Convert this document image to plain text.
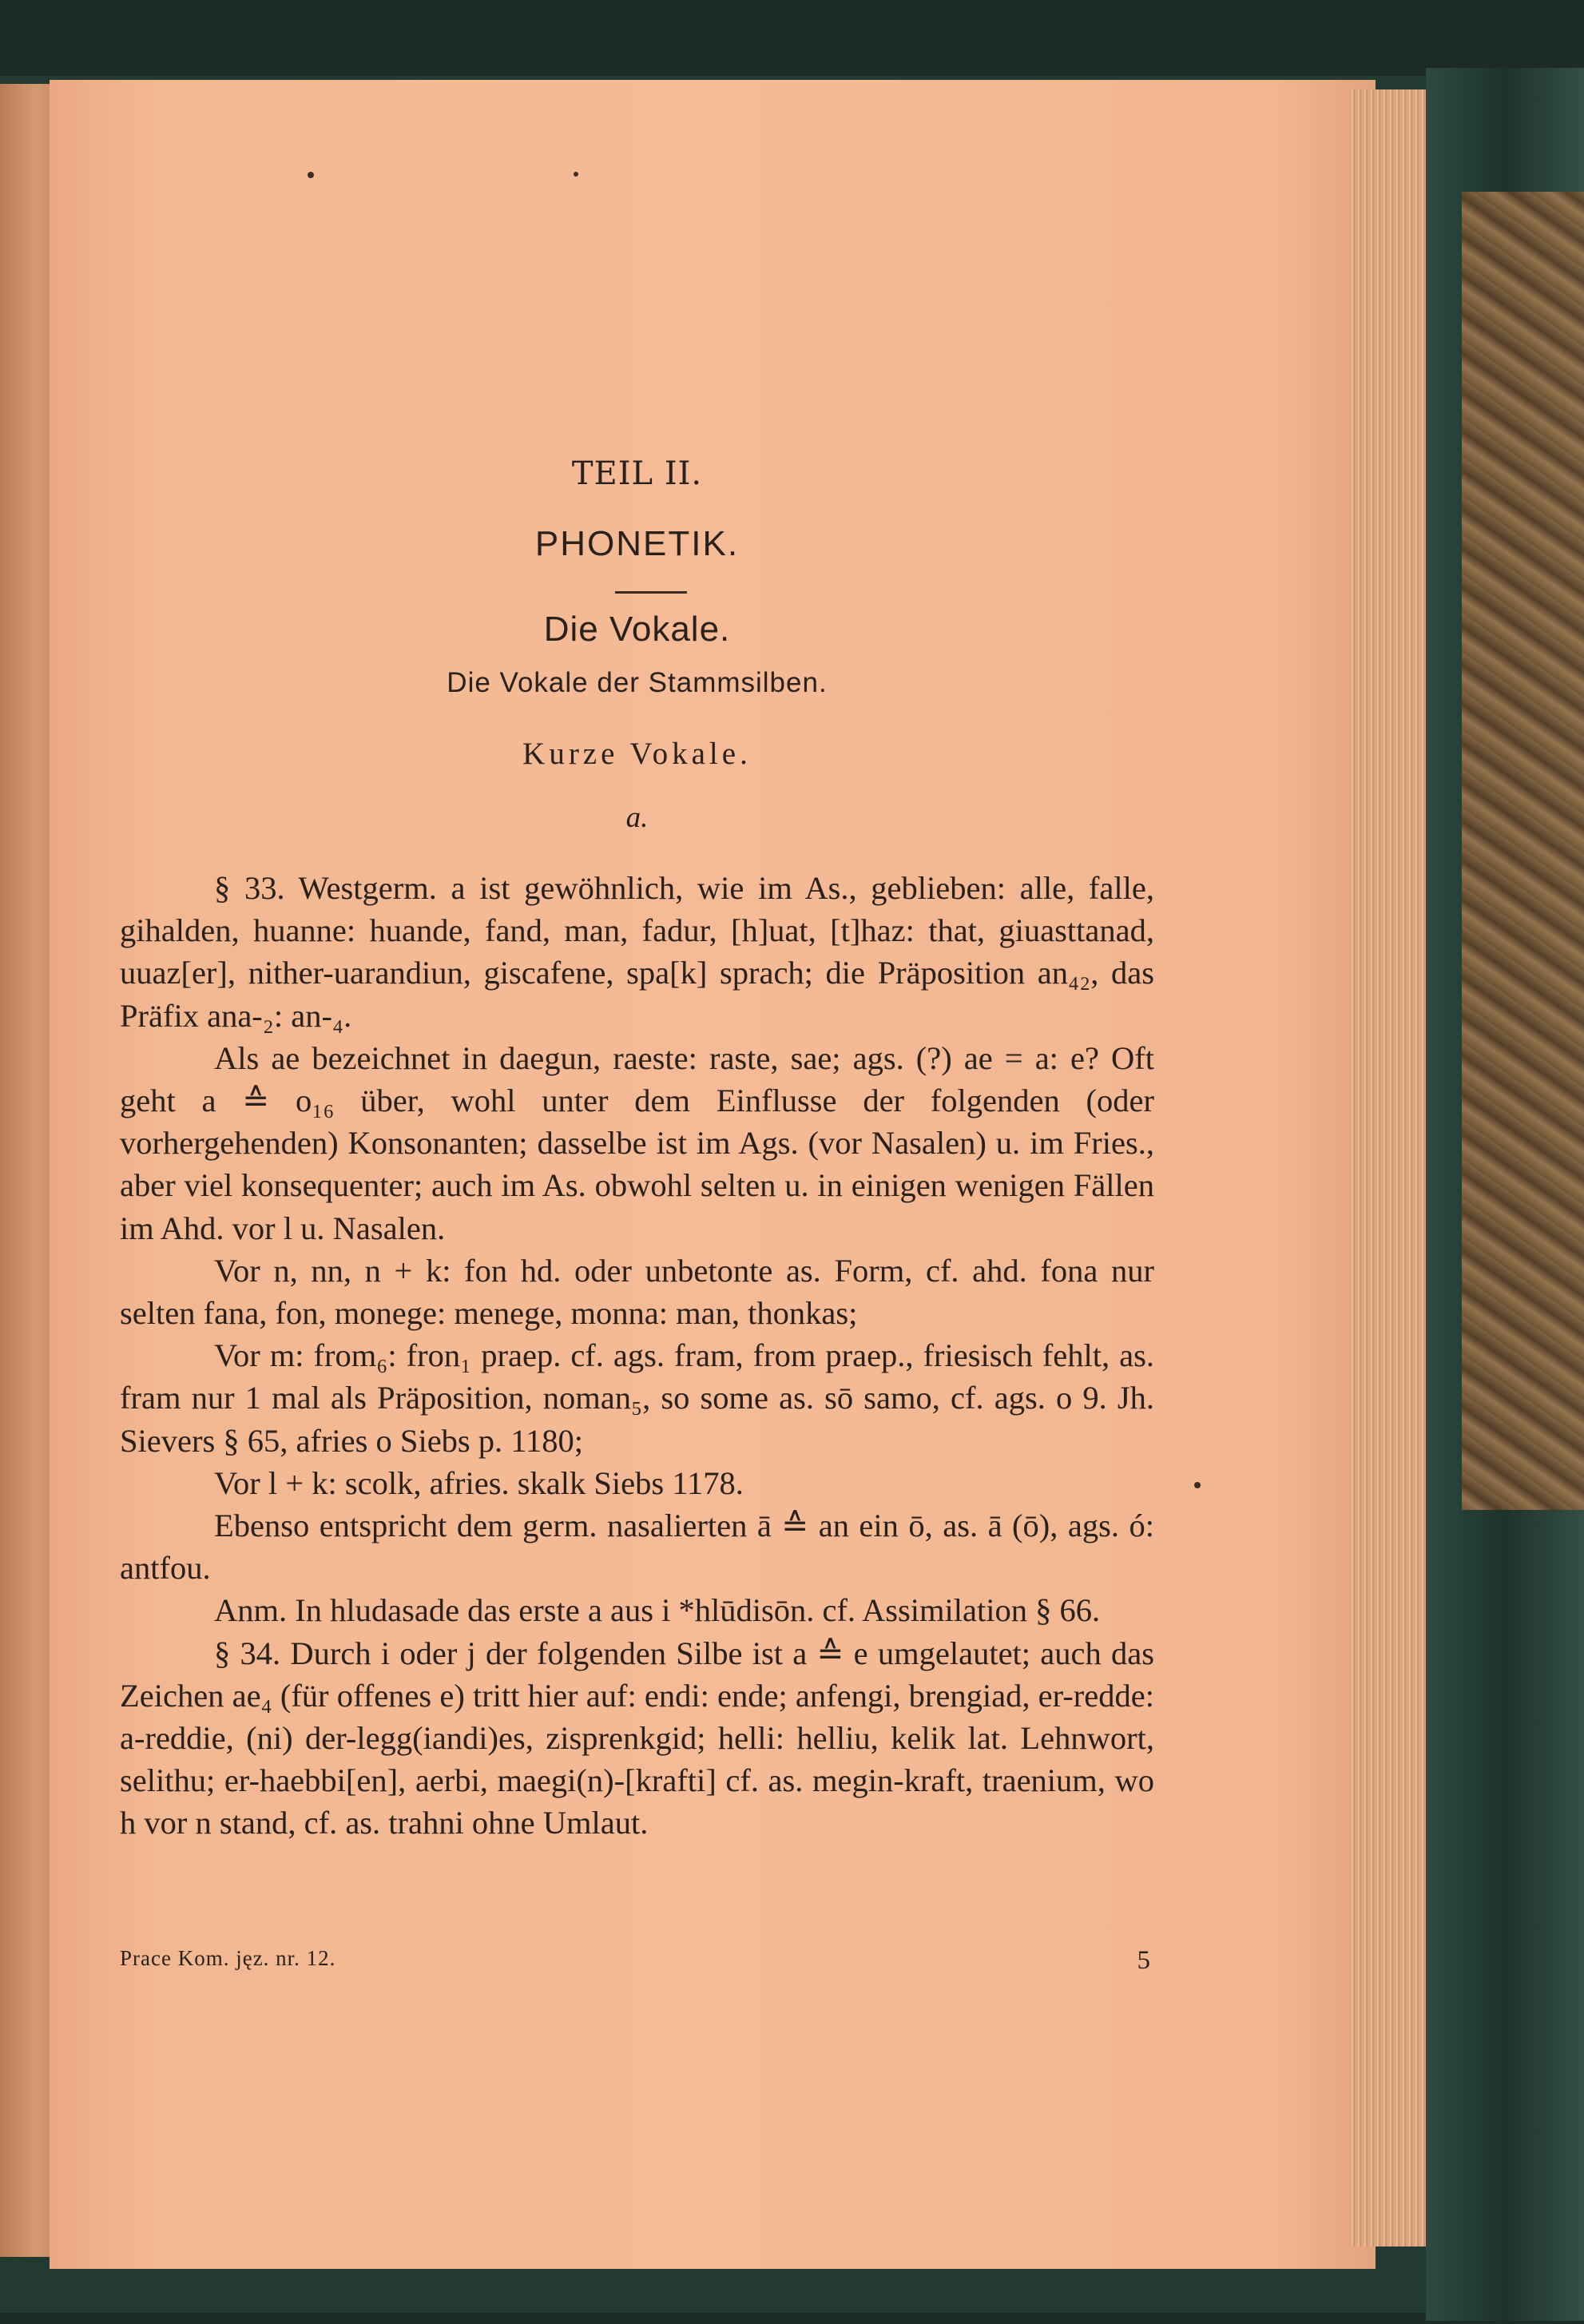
TEIL II.
PHONETIK.
Die Vokale.
Die Vokale der Stammsilben.
Kurze Vokale.
a.

§ 33. Westgerm. a ist gewöhnlich, wie im As., geblieben: alle, falle, gihalden, huanne: huande, fand, man, fadur, [h]uat, [t]haz: that, giuasttanad, uuaz[er], nither-uarandiun, giscafene, spa[k] sprach; die Präposition an₄₂, das Präfix ana-₂: an-₄.

Als ae bezeichnet in daegun, raeste: raste, sae; ags. (?) ae = a: e? Oft geht a ≙ o₁₆ über, wohl unter dem Einflusse der folgenden (oder vorhergehenden) Konsonanten; dasselbe ist im Ags. (vor Nasalen) u. im Fries., aber viel konsequenter; auch im As. obwohl selten u. in einigen wenigen Fällen im Ahd. vor l u. Nasalen.

Vor n, nn, n + k: fon hd. oder unbetonte as. Form, cf. ahd. fona nur selten fana, fon, monege: menege, monna: man, thonkas;

Vor m: from₆: fron₁ praep. cf. ags. fram, from praep., friesisch fehlt, as. fram nur 1 mal als Präposition, noman₅, so some as. sō samo, cf. ags. o 9. Jh. Sievers § 65, afries o Siebs p. 1180;

Vor l + k: scolk, afries. skalk Siebs 1178.

Ebenso entspricht dem germ. nasalierten ā ≙ an ein ō, as. ā (ō), ags. ó: antfou.

Anm. In hludasade das erste a aus i *hlūdisōn. cf. Assimilation § 66.

§ 34. Durch i oder j der folgenden Silbe ist a ≙ e umgelautet; auch das Zeichen ae₄ (für offenes e) tritt hier auf: endi: ende; anfengi, brengiad, er-redde: a-reddie, (ni) der-legg(iandi)es, zisprenkgid; helli: helliu, kelik lat. Lehnwort, selithu; er-haebbi[en], aerbi, maegi(n)-[krafti] cf. as. megin-kraft, traenium, wo h vor n stand, cf. as. trahni ohne Umlaut.

Prace Kom. jęz. nr. 12.	5
